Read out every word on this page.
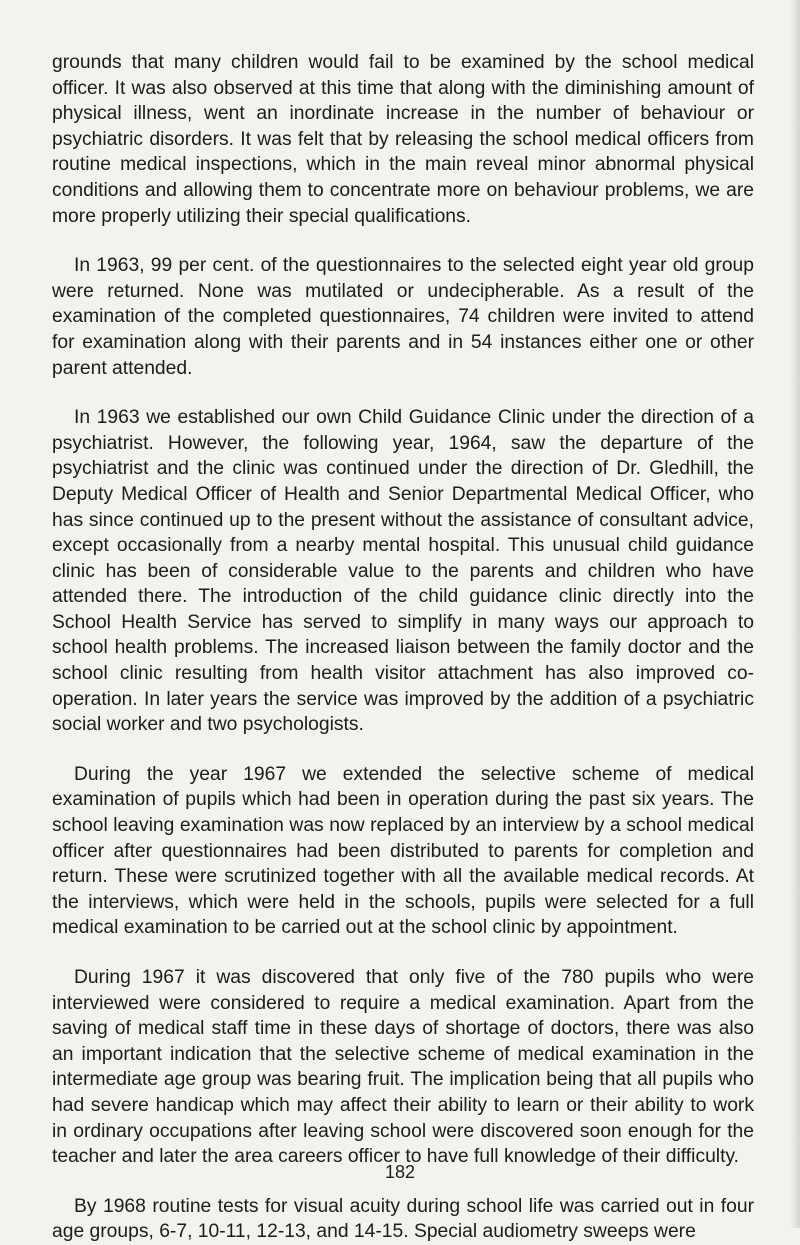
grounds that many children would fail to be examined by the school medical officer. It was also observed at this time that along with the diminishing amount of physical illness, went an inordinate increase in the number of behaviour or psychiatric disorders. It was felt that by releasing the school medical officers from routine medical inspections, which in the main reveal minor abnormal physical conditions and allowing them to concentrate more on behaviour problems, we are more properly utilizing their special qualifications.

In 1963, 99 per cent. of the questionnaires to the selected eight year old group were returned. None was mutilated or undecipherable. As a result of the examination of the completed questionnaires, 74 children were invited to attend for examination along with their parents and in 54 instances either one or other parent attended.

In 1963 we established our own Child Guidance Clinic under the direction of a psychiatrist. However, the following year, 1964, saw the departure of the psychiatrist and the clinic was continued under the direction of Dr. Gledhill, the Deputy Medical Officer of Health and Senior Departmental Medical Officer, who has since continued up to the present without the assistance of consultant advice, except occasionally from a nearby mental hospital. This unusual child guidance clinic has been of considerable value to the parents and children who have attended there. The introduction of the child guidance clinic directly into the School Health Service has served to simplify in many ways our approach to school health problems. The increased liaison between the family doctor and the school clinic resulting from health visitor attachment has also improved co-operation. In later years the service was improved by the addition of a psychiatric social worker and two psychologists.

During the year 1967 we extended the selective scheme of medical examination of pupils which had been in operation during the past six years. The school leaving examination was now replaced by an interview by a school medical officer after questionnaires had been distributed to parents for completion and return. These were scrutinized together with all the available medical records. At the interviews, which were held in the schools, pupils were selected for a full medical examination to be carried out at the school clinic by appointment.

During 1967 it was discovered that only five of the 780 pupils who were interviewed were considered to require a medical examination. Apart from the saving of medical staff time in these days of shortage of doctors, there was also an important indication that the selective scheme of medical examination in the intermediate age group was bearing fruit. The implication being that all pupils who had severe handicap which may affect their ability to learn or their ability to work in ordinary occupations after leaving school were discovered soon enough for the teacher and later the area careers officer to have full knowledge of their difficulty.

By 1968 routine tests for visual acuity during school life was carried out in four age groups, 6-7, 10-11, 12-13, and 14-15. Special audiometry sweeps were

182
